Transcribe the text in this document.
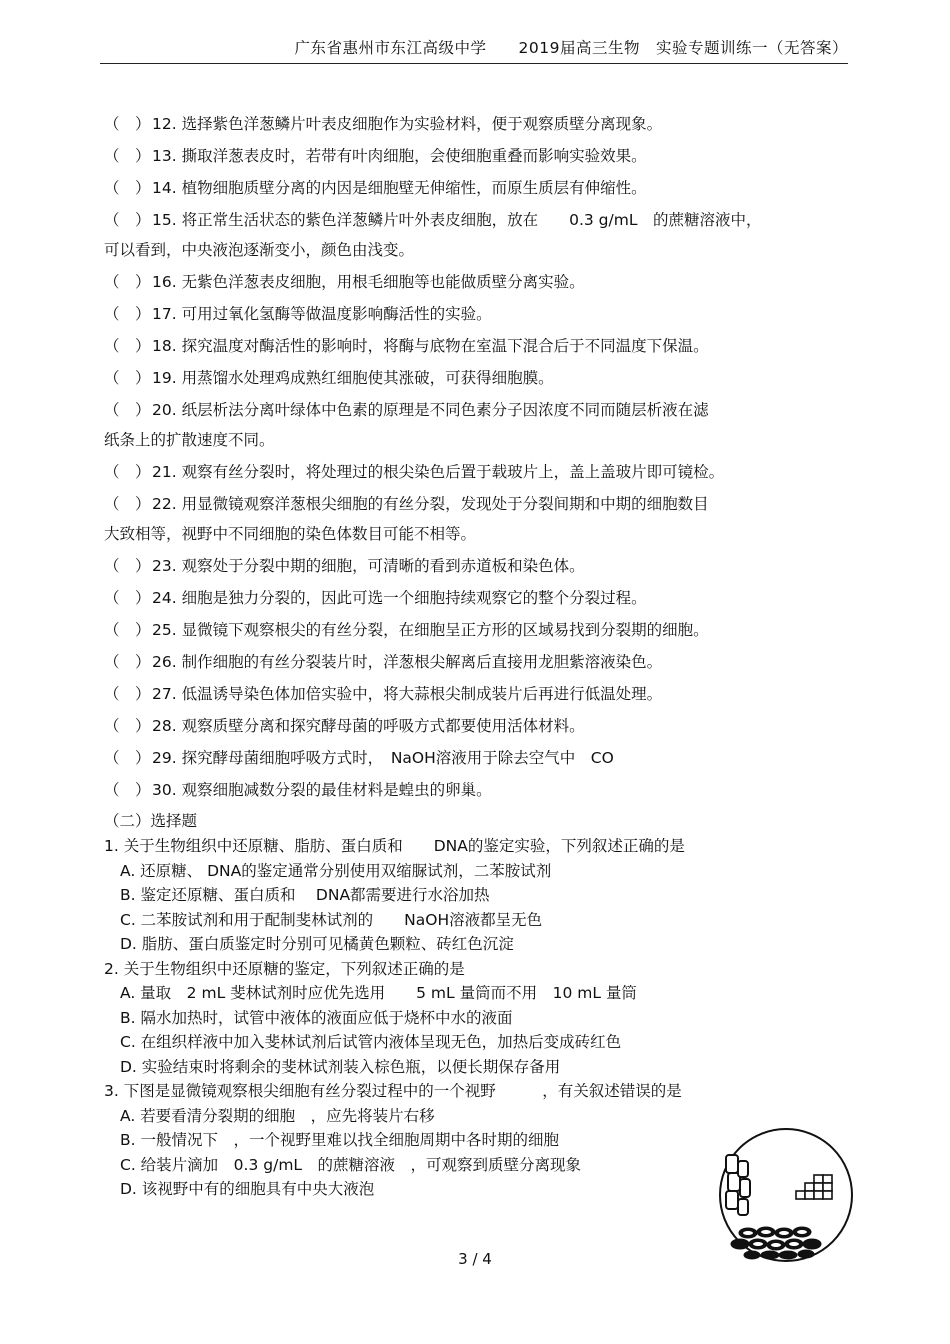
广东省惠州市东江高级中学　　2019届高三生物　实验专题训练一（无答案）
（　）12. 选择紫色洋葱鳞片叶表皮细胞作为实验材料，便于观察质壁分离现象。
（　）13. 撕取洋葱表皮时，若带有叶肉细胞，会使细胞重叠而影响实验效果。
（　）14. 植物细胞质壁分离的内因是细胞壁无伸缩性，而原生质层有伸缩性。
（　）15. 将正常生活状态的紫色洋葱鳞片叶外表皮细胞，放在　　0.3 g/mL　的蔗糖溶液中，
可以看到，中央液泡逐渐变小，颜色由浅变。
（　）16. 无紫色洋葱表皮细胞，用根毛细胞等也能做质壁分离实验。
（　）17. 可用过氧化氢酶等做温度影响酶活性的实验。
（　）18. 探究温度对酶活性的影响时，将酶与底物在室温下混合后于不同温度下保温。
（　）19. 用蒸馏水处理鸡成熟红细胞使其涨破，可获得细胞膜。
（　）20. 纸层析法分离叶绿体中色素的原理是不同色素分子因浓度不同而随层析液在滤
纸条上的扩散速度不同。
（　）21. 观察有丝分裂时，将处理过的根尖染色后置于载玻片上，盖上盖玻片即可镜检。
（　）22. 用显微镜观察洋葱根尖细胞的有丝分裂，发现处于分裂间期和中期的细胞数目
大致相等，视野中不同细胞的染色体数目可能不相等。
（　）23. 观察处于分裂中期的细胞，可清晰的看到赤道板和染色体。
（　）24. 细胞是独力分裂的，因此可选一个细胞持续观察它的整个分裂过程。
（　）25. 显微镜下观察根尖的有丝分裂，在细胞呈正方形的区域易找到分裂期的细胞。
（　）26. 制作细胞的有丝分裂装片时，洋葱根尖解离后直接用龙胆紫溶液染色。
（　）27. 低温诱导染色体加倍实验中，将大蒜根尖制成装片后再进行低温处理。
（　）28. 观察质壁分离和探究酵母菌的呼吸方式都要使用活体材料。
（　）29. 探究酵母菌细胞呼吸方式时，　NaOH溶液用于除去空气中　CO
（　）30. 观察细胞减数分裂的最佳材料是蝗虫的卵巢。
（二）选择题
1. 关于生物组织中还原糖、脂肪、蛋白质和　　DNA的鉴定实验，下列叙述正确的是
A. 还原糖、 DNA的鉴定通常分别使用双缩脲试剂，二苯胺试剂
B. 鉴定还原糖、蛋白质和　 DNA都需要进行水浴加热
C. 二苯胺试剂和用于配制斐林试剂的　　NaOH溶液都呈无色
D. 脂肪、蛋白质鉴定时分别可见橘黄色颗粒、砖红色沉淀
2. 关于生物组织中还原糖的鉴定，下列叙述正确的是
A. 量取　2 mL 斐林试剂时应优先选用　　5 mL 量筒而不用　10 mL 量筒
B. 隔水加热时，试管中液体的液面应低于烧杯中水的液面
C. 在组织样液中加入斐林试剂后试管内液体呈现无色，加热后变成砖红色
D. 实验结束时将剩余的斐林试剂装入棕色瓶，以便长期保存备用
3. 下图是显微镜观察根尖细胞有丝分裂过程中的一个视野　　　，有关叙述错误的是
A. 若要看清分裂期的细胞　，应先将装片右移
B. 一般情况下　，一个视野里难以找全细胞周期中各时期的细胞
C. 给装片滴加　0.3 g/mL　的蔗糖溶液　，可观察到质壁分离现象
D. 该视野中有的细胞具有中央大液泡
3 / 4
